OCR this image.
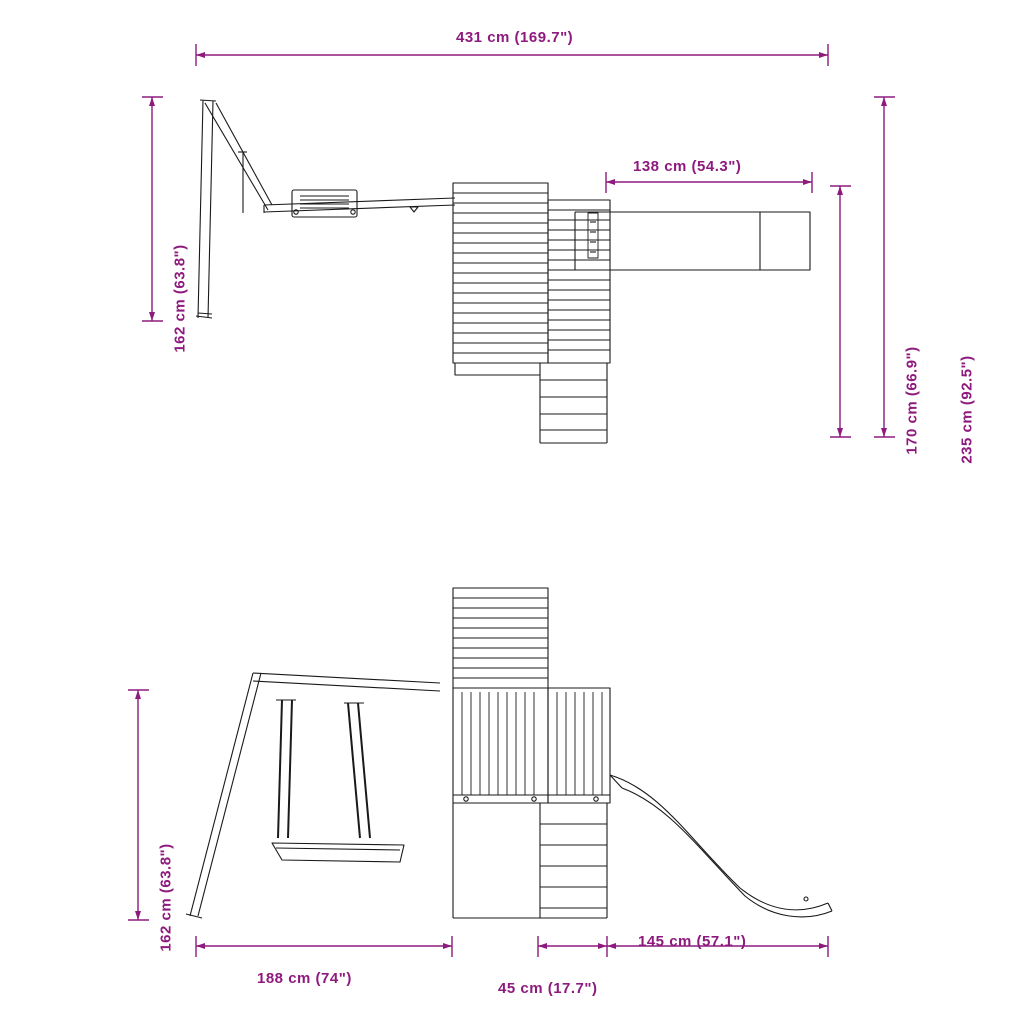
431 cm (169.7")
162 cm (63.8")
138 cm (54.3")
170 cm (66.9")	235 cm (92.5")
162 cm (63.8")
188 cm (74")
45 cm (17.7")
145 cm (57.1")
